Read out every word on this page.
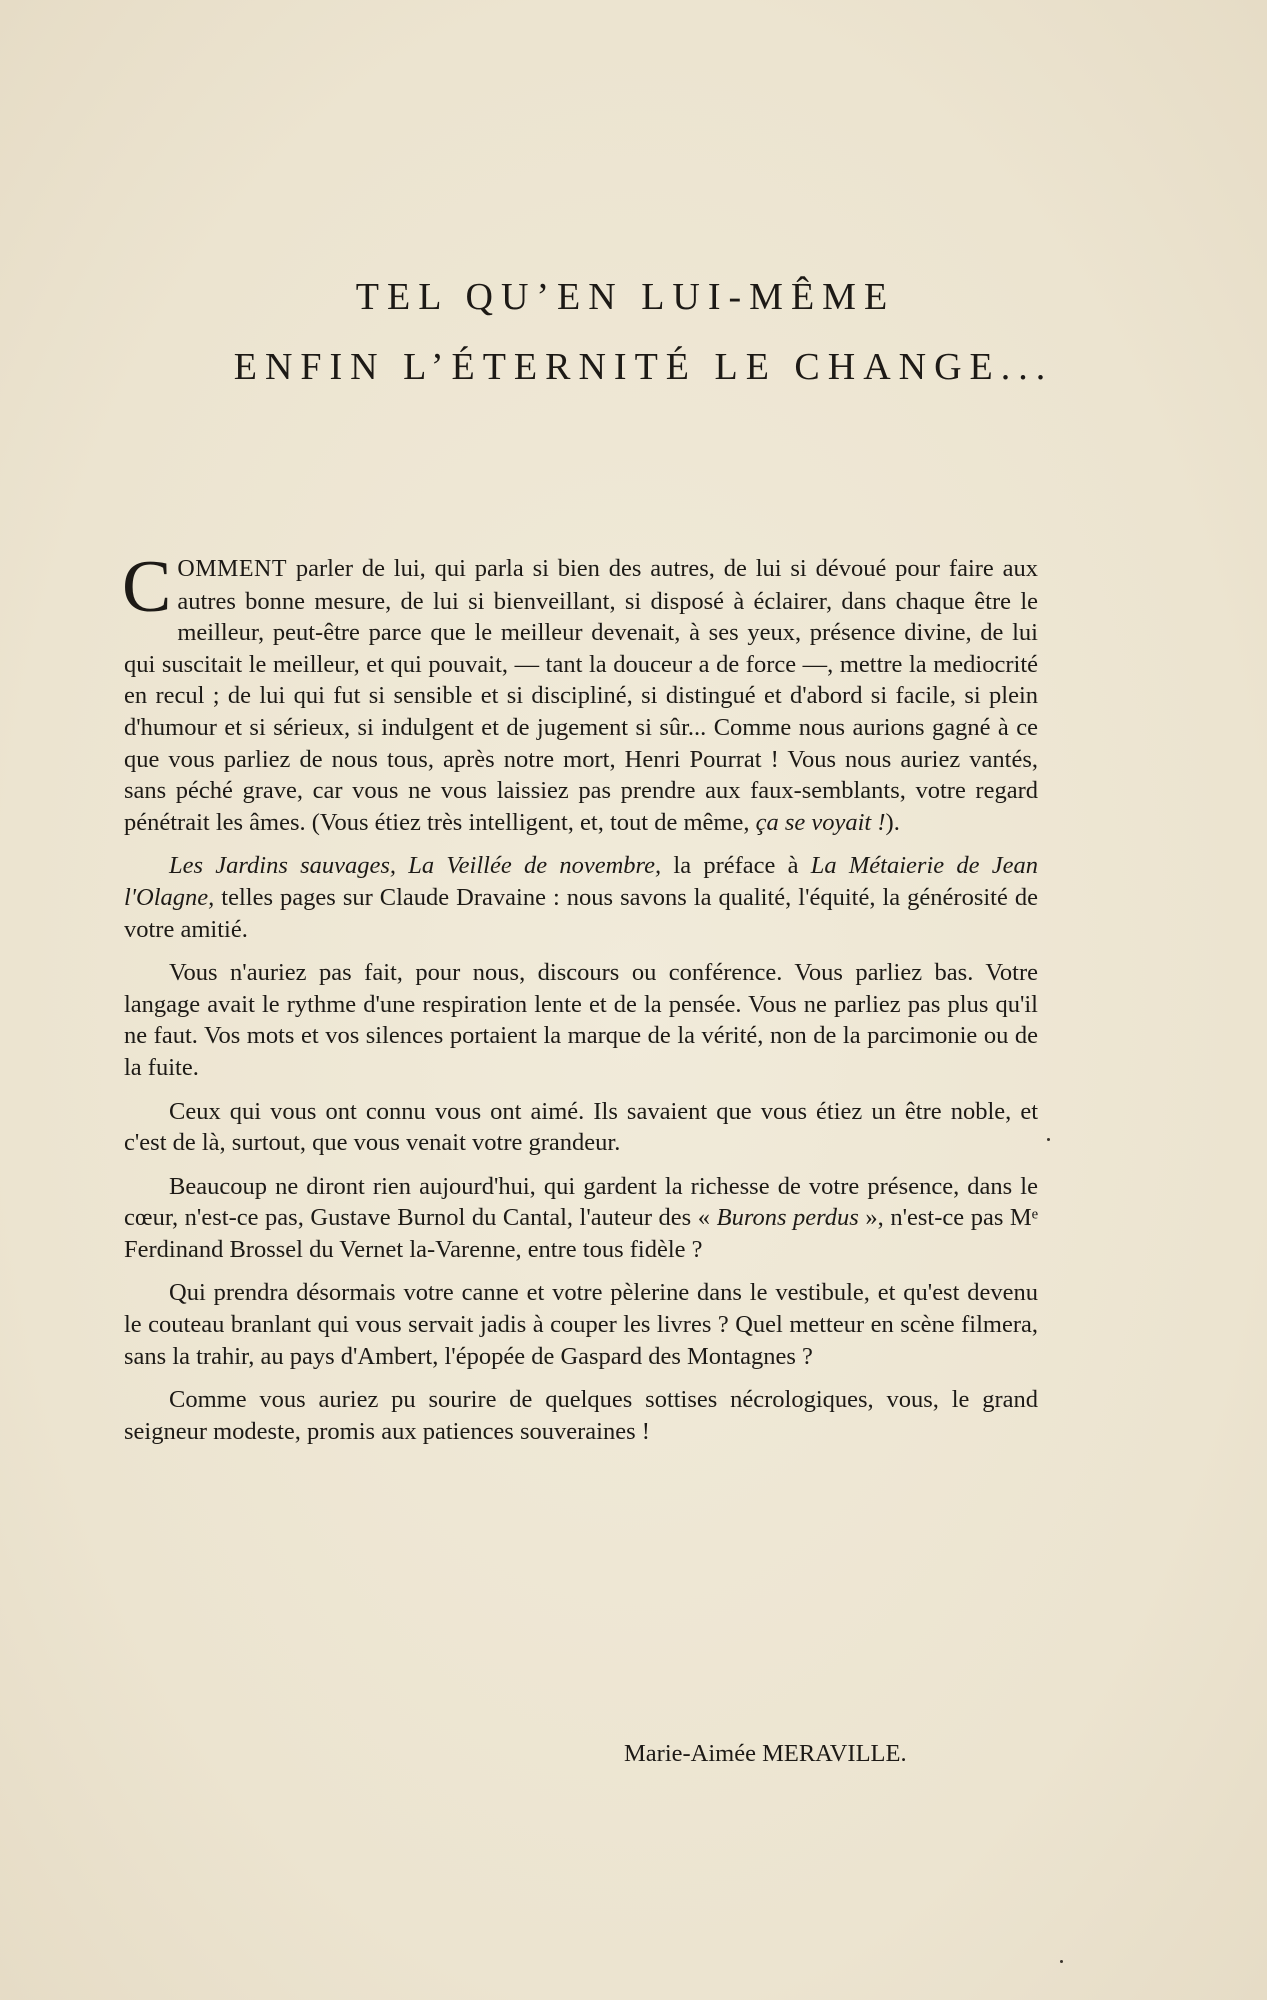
TEL QU’EN LUI-MÊME
ENFIN L’ÉTERNITÉ LE CHANGE...

COMMENT parler de lui, qui parla si bien des autres, de lui si dévoué pour faire aux autres bonne mesure, de lui si bienveillant, si disposé à éclairer, dans chaque être le meilleur, peut-être parce que le meilleur devenait, à ses yeux, présence divine, de lui qui suscitait le meilleur, et qui pouvait, — tant la douceur a de force —, mettre la mediocrité en recul ; de lui qui fut si sensible et si discipliné, si distingué et d'abord si facile, si plein d'humour et si sérieux, si indulgent et de jugement si sûr... Comme nous aurions gagné à ce que vous parliez de nous tous, après notre mort, Henri Pourrat ! Vous nous auriez vantés, sans péché grave, car vous ne vous laissiez pas prendre aux faux-semblants, votre regard pénétrait les âmes. (Vous étiez très intelligent, et, tout de même, ça se voyait !).

Les Jardins sauvages, La Veillée de novembre, la préface à La Métaierie de Jean l'Olagne, telles pages sur Claude Dravaine : nous savons la qualité, l'équité, la générosité de votre amitié.

Vous n'auriez pas fait, pour nous, discours ou conférence. Vous parliez bas. Votre langage avait le rythme d'une respiration lente et de la pensée. Vous ne parliez pas plus qu'il ne faut. Vos mots et vos silences portaient la marque de la vérité, non de la parcimonie ou de la fuite.

Ceux qui vous ont connu vous ont aimé. Ils savaient que vous étiez un être noble, et c'est de là, surtout, que vous venait votre grandeur.

Beaucoup ne diront rien aujourd'hui, qui gardent la richesse de votre présence, dans le cœur, n'est-ce pas, Gustave Burnol du Cantal, l'auteur des « Burons perdus », n'est-ce pas Mᵉ Ferdinand Brossel du Vernet la-Varenne, entre tous fidèle ?

Qui prendra désormais votre canne et votre pèlerine dans le vestibule, et qu'est devenu le couteau branlant qui vous servait jadis à couper les livres ? Quel metteur en scène filmera, sans la trahir, au pays d'Ambert, l'épopée de Gaspard des Montagnes ?

Comme vous auriez pu sourire de quelques sottises nécrologiques, vous, le grand seigneur modeste, promis aux patiences souveraines !

Marie-Aimée MERAVILLE.
